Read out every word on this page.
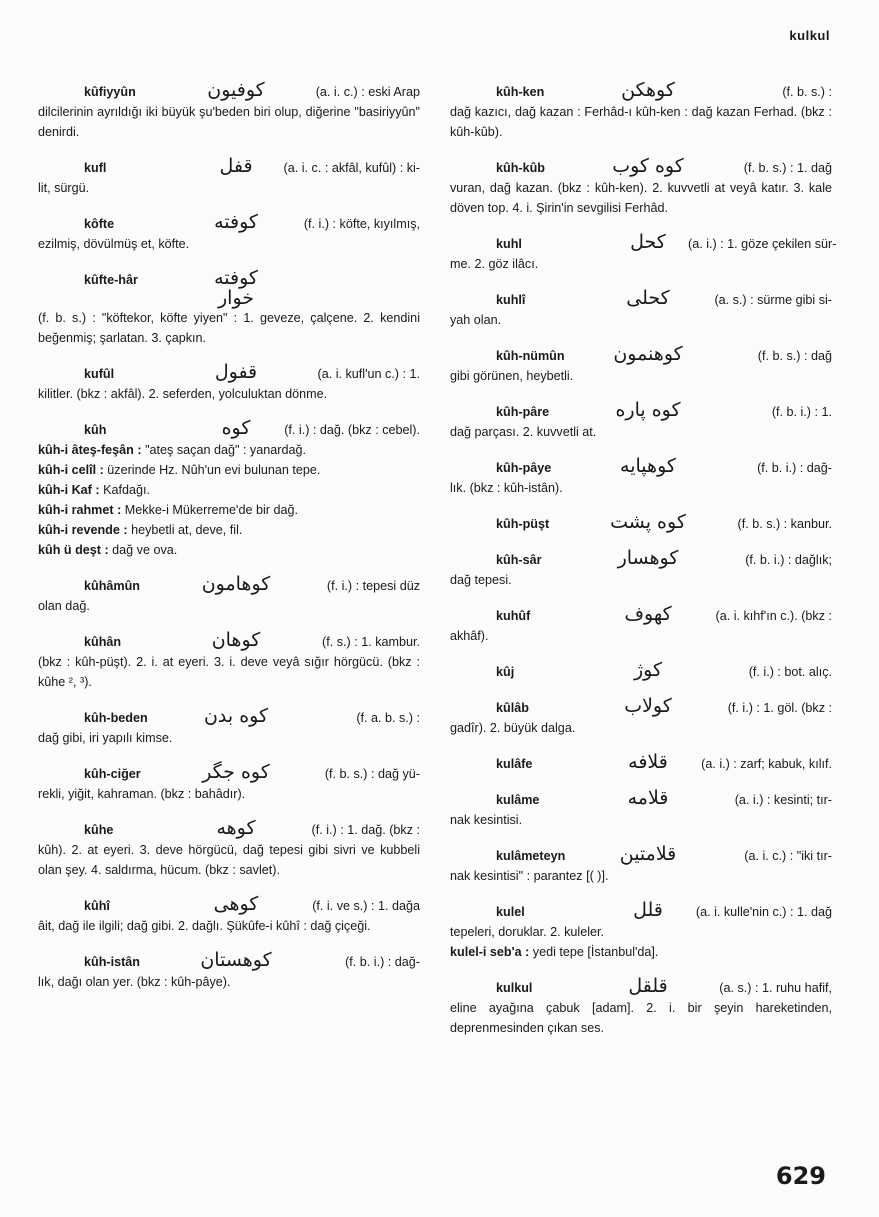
kulkul
kûfiyyûn	کوفیون	(a. i. c.) : eski Arap

dilcilerinin ayrıldığı iki büyük şu'beden biri olup, diğerine "basiriyyûn" denirdi.

kufl	قفل	(a. i. c. : akfâl, kufûl) : ki-

lit, sürgü.

kôfte	کوفته	(f. i.) : köfte, kıyılmış,

ezilmiş, dövülmüş et, köfte.

kûfte-hâr	کوفته خوار

(f. b. s.) : "köftekor, köfte yiyen" : 1. geveze, çalçene. 2. kendini beğenmiş; şarlatan. 3. çapkın.

kufûl	قفول	(a. i. kufl'un c.) : 1.

kilitler. (bkz : akfâl). 2. seferden, yolculuktan dönme.

kûh	کوه	(f. i.) : dağ. (bkz : cebel).

kûh-i âteş-feşân : "ateş saçan dağ" : yanardağ.

kûh-i celîl : üzerinde Hz. Nûh'un evi bulunan tepe.

kûh-i Kaf : Kafdağı.

kûh-i rahmet : Mekke-i Mükerreme'de bir dağ.

kûh-i revende : heybetli at, deve, fil.

kûh ü deşt : dağ ve ova.

kûhâmûn	کوهامون	(f. i.) : tepesi düz

olan dağ.

kûhân	کوهان	(f. s.) : 1. kambur.

(bkz : kûh-püşt). 2. i. at eyeri. 3. i. deve veyâ sığır hörgücü. (bkz : kûhe ², ³).

kûh-beden	کوه بدن	(f. a. b. s.) :

dağ gibi, iri yapılı kimse.

kûh-ciğer	کوه جگر	(f. b. s.) : dağ yü-

rekli, yiğit, kahraman. (bkz : bahâdır).

kûhe	کوهه	(f. i.) : 1. dağ. (bkz :

kûh). 2. at eyeri. 3. deve hörgücü, dağ tepesi gibi sivri ve kubbeli olan şey. 4. saldırma, hücum. (bkz : savlet).

kûhî	کوهی	(f. i. ve s.) : 1. dağa

âit, dağ ile ilgili; dağ gibi. 2. dağlı. Şükûfe-i kûhî : dağ çiçeği.

kûh-istân	کوهستان	(f. b. i.) : dağ-

lık, dağı olan yer. (bkz : kûh-pâye).

kûh-ken	کوهکن	(f. b. s.) :

dağ kazıcı, dağ kazan : Ferhâd-ı kûh-ken : dağ kazan Ferhad. (bkz : kûh-kûb).

kûh-kûb	کوه کوب	(f. b. s.) : 1. dağ

vuran, dağ kazan. (bkz : kûh-ken). 2. kuvvetli at veyâ katır. 3. kale döven top. 4. i. Şirin'in sevgilisi Ferhâd.

kuhl	کحل	(a. i.) : 1. göze çekilen sür-

me. 2. göz ilâcı.

kuhlî	کحلی	(a. s.) : sürme gibi si-

yah olan.

kûh-nümûn	کوهنمون	(f. b. s.) : dağ

gibi görünen, heybetli.

kûh-pâre	کوه پاره	(f. b. i.) : 1.

dağ parçası. 2. kuvvetli at.

kûh-pâye	کوهپایه	(f. b. i.) : dağ-

lık. (bkz : kûh-istân).

kûh-püşt	کوه پشت	(f. b. s.) : kanbur.
kûh-sâr	کوهسار	(f. b. i.) : dağlık;

dağ tepesi.

kuhûf	کهوف	(a. i. kıhf'ın c.). (bkz :

akhâf).

kûj	کوژ	(f. i.) : bot. alıç.
kûlâb	کولاب	(f. i.) : 1. göl. (bkz :

gadîr). 2. büyük dalga.

kulâfe	قلافه	(a. i.) : zarf; kabuk, kılıf.
kulâme	قلامه	(a. i.) : kesinti; tır-

nak kesintisi.

kulâmeteyn	قلامتین	(a. i. c.) : "iki tır-

nak kesintisi" : parantez [( )].

kulel	قلل	(a. i. kulle'nin c.) : 1. dağ

tepeleri, doruklar. 2. kuleler.

kulel-i seb'a : yedi tepe [İstanbul'da].

kulkul	قلقل	(a. s.) : 1. ruhu hafif,

eline ayağına çabuk [adam]. 2. i. bir şeyin hareketinden, deprenmesinden çıkan ses.

629
